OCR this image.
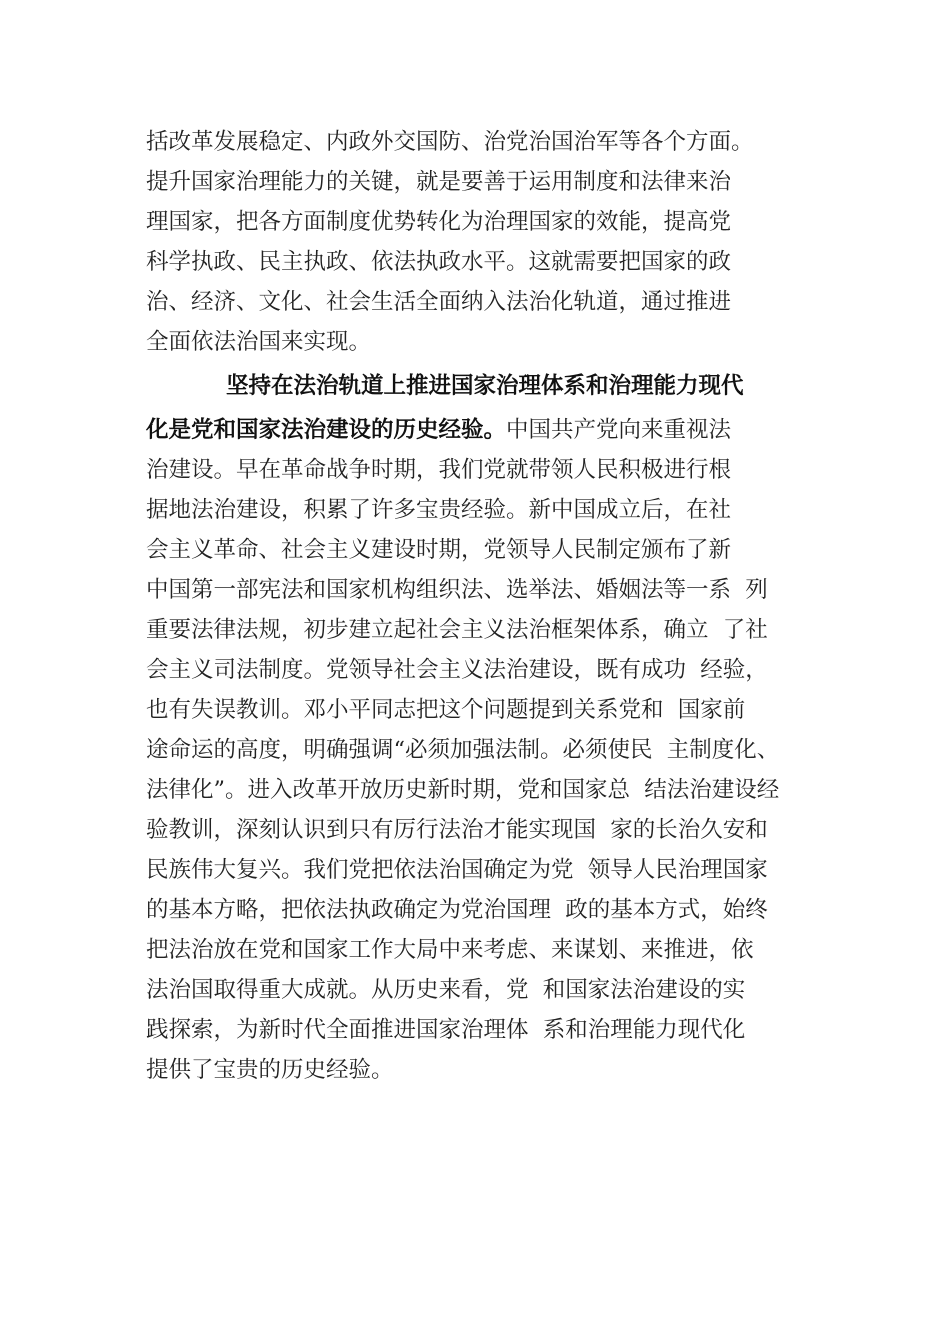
括改革发展稳定、内政外交国防、治党治国治军等各个方面。
提升国家治理能力的关键，就是要善于运用制度和法律来治
理国家，把各方面制度优势转化为治理国家的效能，提高党
科学执政、民主执政、依法执政水平。这就需要把国家的政
治、经济、文化、社会生活全面纳入法治化轨道，通过推进
全面依法治国来实现。
坚持在法治轨道上推进国家治理体系和治理能力现代
化是党和国家法治建设的历史经验。中国共产党向来重视法
治建设。早在革命战争时期，我们党就带领人民积极进行根
据地法治建设，积累了许多宝贵经验。新中国成立后，在社
会主义革命、社会主义建设时期，党领导人民制定颁布了新
中国第一部宪法和国家机构组织法、选举法、婚姻法等一系  列
重要法律法规，初步建立起社会主义法治框架体系，确立  了社
会主义司法制度。党领导社会主义法治建设，既有成功  经验，
也有失误教训。邓小平同志把这个问题提到关系党和  国家前
途命运的高度，明确强调“必须加强法制。必须使民  主制度化、
法律化”。进入改革开放历史新时期，党和国家总  结法治建设经
验教训，深刻认识到只有厉行法治才能实现国  家的长治久安和
民族伟大复兴。我们党把依法治国确定为党  领导人民治理国家
的基本方略，把依法执政确定为党治国理  政的基本方式，始终
把法治放在党和国家工作大局中来考虑、来谋划、来推进，依
法治国取得重大成就。从历史来看，党  和国家法治建设的实
践探索，为新时代全面推进国家治理体  系和治理能力现代化
提供了宝贵的历史经验。
